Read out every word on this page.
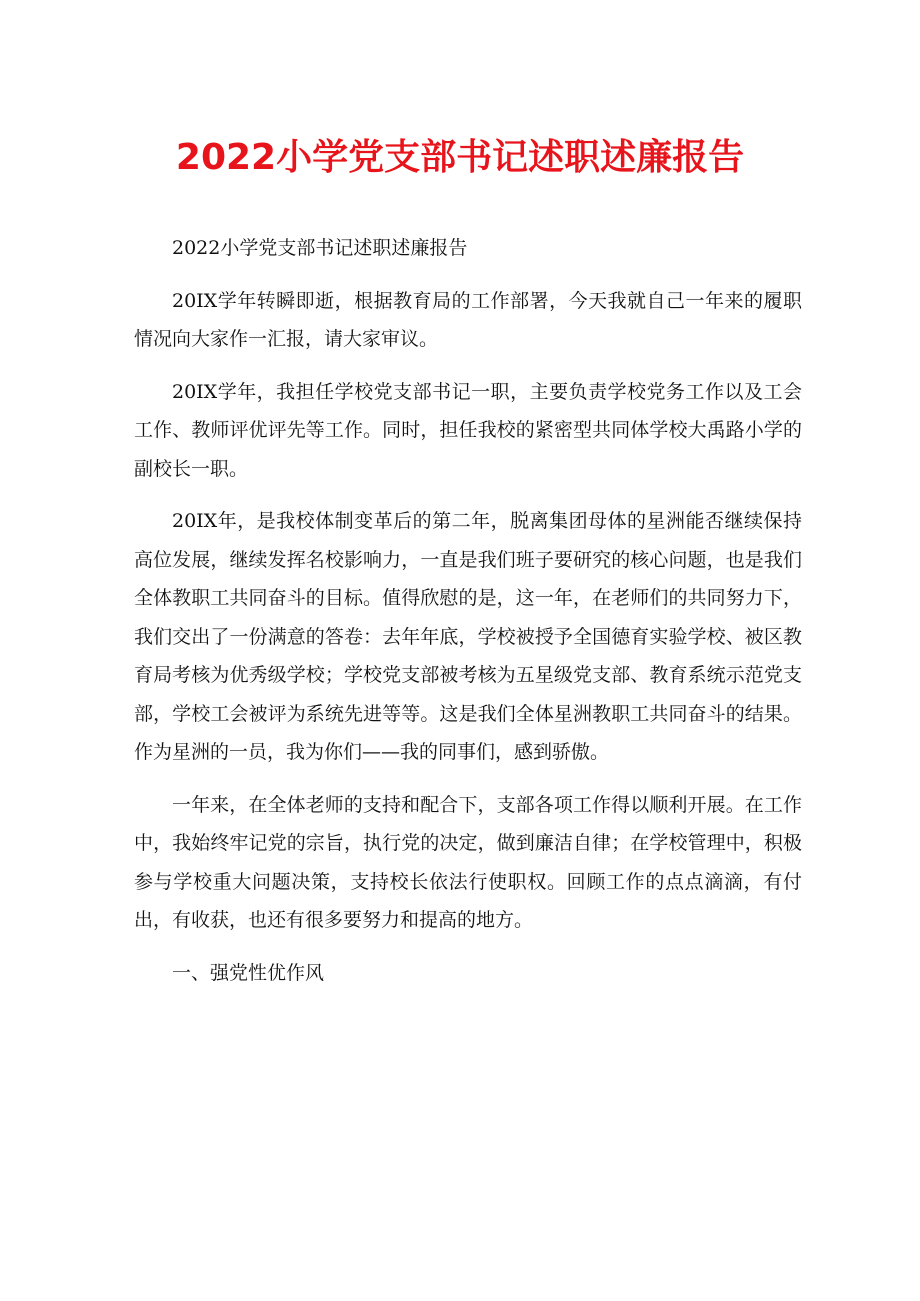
2022小学党支部书记述职述廉报告

2022小学党支部书记述职述廉报告

20IX学年转瞬即逝，根据教育局的工作部署，今天我就自己一年来的履职情况向大家作一汇报，请大家审议。

20IX学年，我担任学校党支部书记一职，主要负责学校党务工作以及工会工作、教师评优评先等工作。同时，担任我校的紧密型共同体学校大禹路小学的副校长一职。

20IX年，是我校体制变革后的第二年，脱离集团母体的星洲能否继续保持高位发展，继续发挥名校影响力，一直是我们班子要研究的核心问题，也是我们全体教职工共同奋斗的目标。值得欣慰的是，这一年，在老师们的共同努力下，我们交出了一份满意的答卷：去年年底，学校被授予全国德育实验学校、被区教育局考核为优秀级学校；学校党支部被考核为五星级党支部、教育系统示范党支部，学校工会被评为系统先进等等。这是我们全体星洲教职工共同奋斗的结果。作为星洲的一员，我为你们——我的同事们，感到骄傲。

一年来，在全体老师的支持和配合下，支部各项工作得以顺利开展。在工作中，我始终牢记党的宗旨，执行党的决定，做到廉洁自律；在学校管理中，积极参与学校重大问题决策，支持校长依法行使职权。回顾工作的点点滴滴，有付出，有收获，也还有很多要努力和提高的地方。

一、强党性优作风
